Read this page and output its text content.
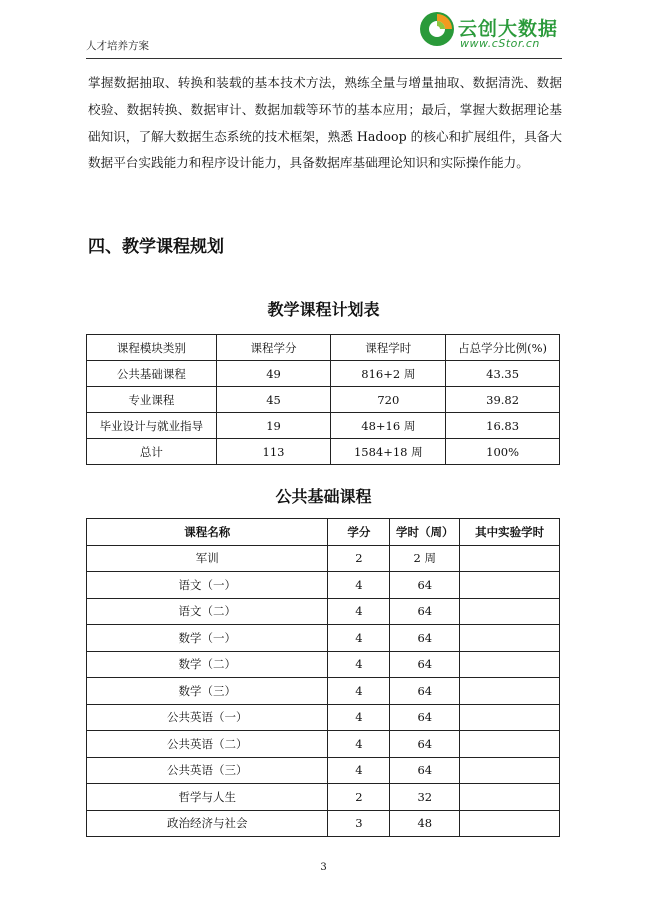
人才培养方案
云创大数据
www.cStor.cn
掌握数据抽取、转换和装载的基本技术方法，熟练全量与增量抽取、数据清洗、数据校验、数据转换、数据审计、数据加载等环节的基本应用；最后，掌握大数据理论基础知识，了解大数据生态系统的技术框架，熟悉 Hadoop 的核心和扩展组件，具备大数据平台实践能力和程序设计能力，具备数据库基础理论知识和实际操作能力。
四、教学课程规划
教学课程计划表
课程模块类别	课程学分	课程学时	占总学分比例(%)
公共基础课程	49	816+2 周	43.35
专业课程	45	720	39.82
毕业设计与就业指导	19	48+16 周	16.83
总计	113	1584+18 周	100%
公共基础课程
课程名称	学分	学时（周）	其中实验学时
军训	2	2 周	
语文（一）	4	64	
语文（二）	4	64	
数学（一）	4	64	
数学（二）	4	64	
数学（三）	4	64	
公共英语（一）	4	64	
公共英语（二）	4	64	
公共英语（三）	4	64	
哲学与人生	2	32	
政治经济与社会	3	48	
3
